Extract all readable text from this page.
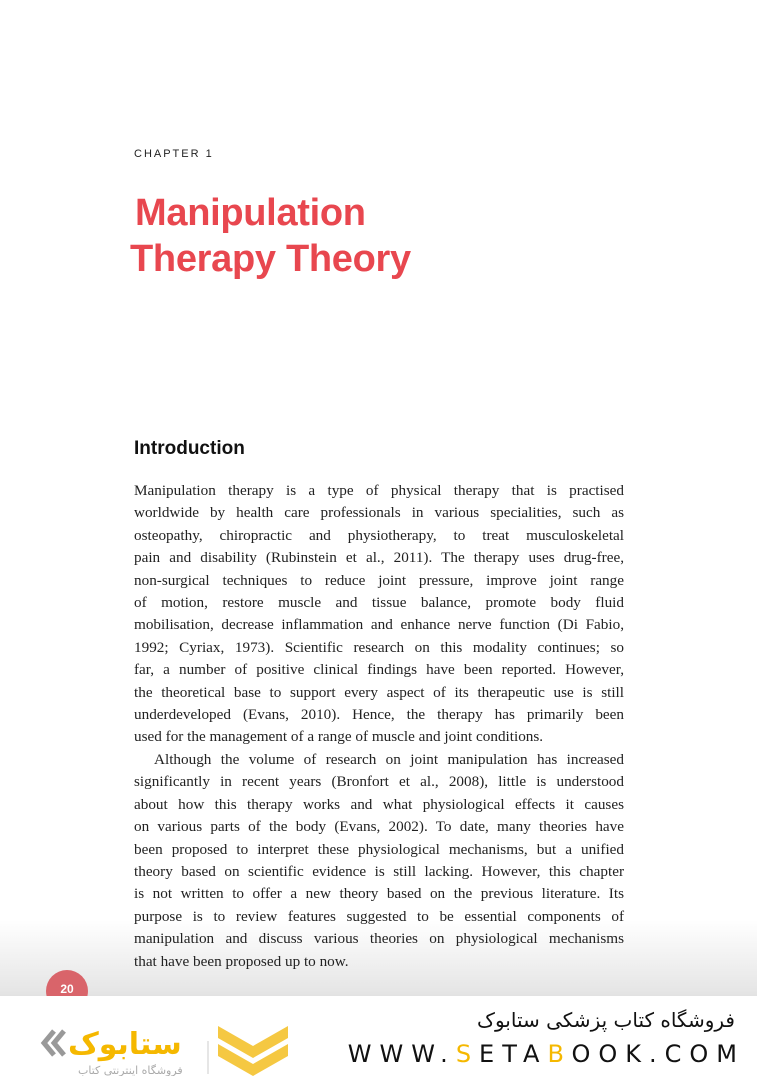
CHAPTER 1
Manipulation
Therapy Theory
Introduction
Manipulation therapy is a type of physical therapy that is practised
worldwide by health care professionals in various specialities, such as
osteopathy, chiropractic and physiotherapy, to treat musculoskeletal
pain and disability (Rubinstein et al., 2011). The therapy uses drug-free,
non-surgical techniques to reduce joint pressure, improve joint range
of motion, restore muscle and tissue balance, promote body fluid
mobilisation, decrease inflammation and enhance nerve function (Di Fabio,
1992; Cyriax, 1973). Scientific research on this modality continues; so
far, a number of positive clinical findings have been reported. However,
the theoretical base to support every aspect of its therapeutic use is still
underdeveloped (Evans, 2010). Hence, the therapy has primarily been
used for the management of a range of muscle and joint conditions.
Although the volume of research on joint manipulation has increased
significantly in recent years (Bronfort et al., 2008), little is understood
about how this therapy works and what physiological effects it causes
on various parts of the body (Evans, 2002). To date, many theories have
been proposed to interpret these physiological mechanisms, but a unified
theory based on scientific evidence is still lacking. However, this chapter
is not written to offer a new theory based on the previous literature. Its
purpose is to review features suggested to be essential components of
manipulation and discuss various theories on physiological mechanisms
that have been proposed up to now.
20
ستابوک
فروشگاه اینترنتی کتاب
فروشگاه کتاب پزشکی ستابوک
WWW.SETABOOK.COM
